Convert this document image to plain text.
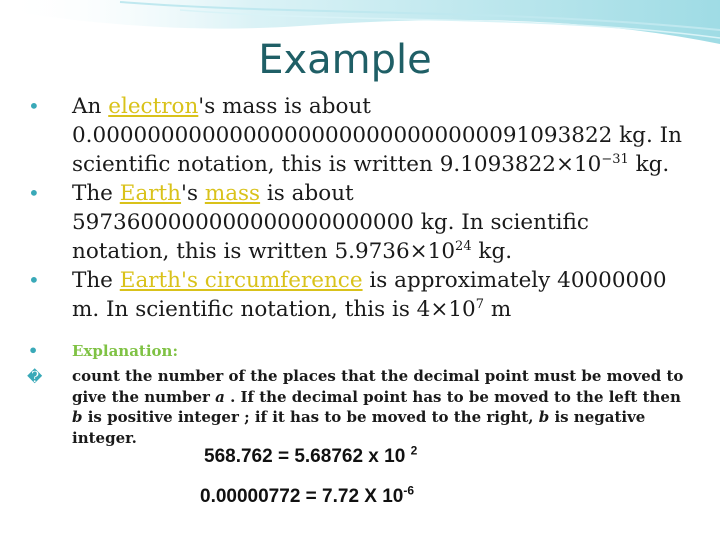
Example
• An electron's mass is about 0.00000000000000000000000000000091093822 kg. In scientific notation, this is written $9.1093822\times 10^{-31}$ kg.
• The Earth's mass is about 5973600000000000000000000 kg. In scientific notation, this is written $5.9736\times 10^{24}$ kg.
• The Earth's circumference is approximately 40000000 m. In scientific notation, this is $4\times 10^7$ m
• Explanation:
� count the number of the places that the decimal point must be moved to give the number a . If the decimal point has to be moved to the left then b is positive integer ; if it has to be moved to the right, b is negative integer.
568.762 = 5.68762 x 10 $^2$
0.00000772 = 7.72 X $10^{-6}$
